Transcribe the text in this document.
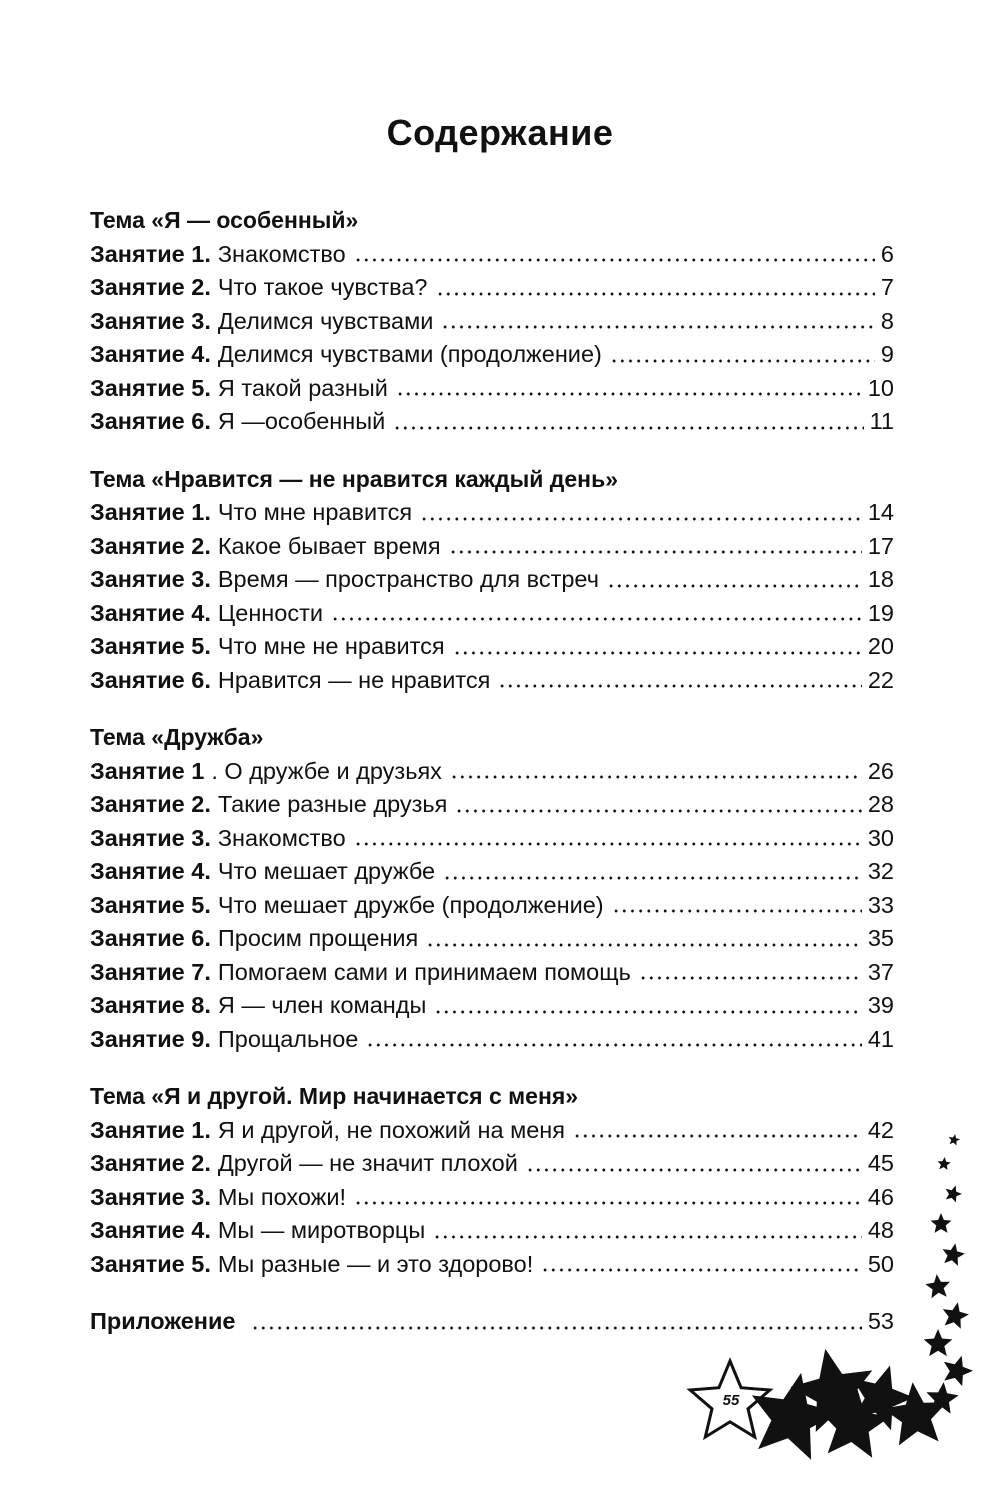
Содержание
Тема «Я — особенный»
Занятие 1. Знакомство	6
Занятие 2. Что такое чувства?	7
Занятие 3. Делимся чувствами	8
Занятие 4. Делимся чувствами (продолжение)	9
Занятие 5. Я такой разный	10
Занятие 6. Я —особенный	11
Тема «Нравится — не нравится каждый день»
Занятие 1. Что мне нравится	14
Занятие 2. Какое бывает время	17
Занятие 3. Время — пространство для встреч	18
Занятие 4. Ценности	19
Занятие 5. Что мне не нравится	20
Занятие 6. Нравится — не нравится	22
Тема «Дружба»
Занятие 1 . О дружбе и друзьях	26
Занятие 2. Такие разные друзья	28
Занятие 3. Знакомство	30
Занятие 4. Что мешает дружбе	32
Занятие 5. Что мешает дружбе (продолжение)	33
Занятие 6. Просим прощения	35
Занятие 7. Помогаем сами и принимаем помощь	37
Занятие 8. Я — член команды	39
Занятие 9. Прощальное	41
Тема «Я и другой. Мир начинается с меня»
Занятие 1. Я и другой, не похожий на меня	42
Занятие 2. Другой — не значит плохой	45
Занятие 3. Мы похожи!	46
Занятие 4. Мы — миротворцы	48
Занятие 5. Мы разные — и это здорово!	50
Приложение	53
55
